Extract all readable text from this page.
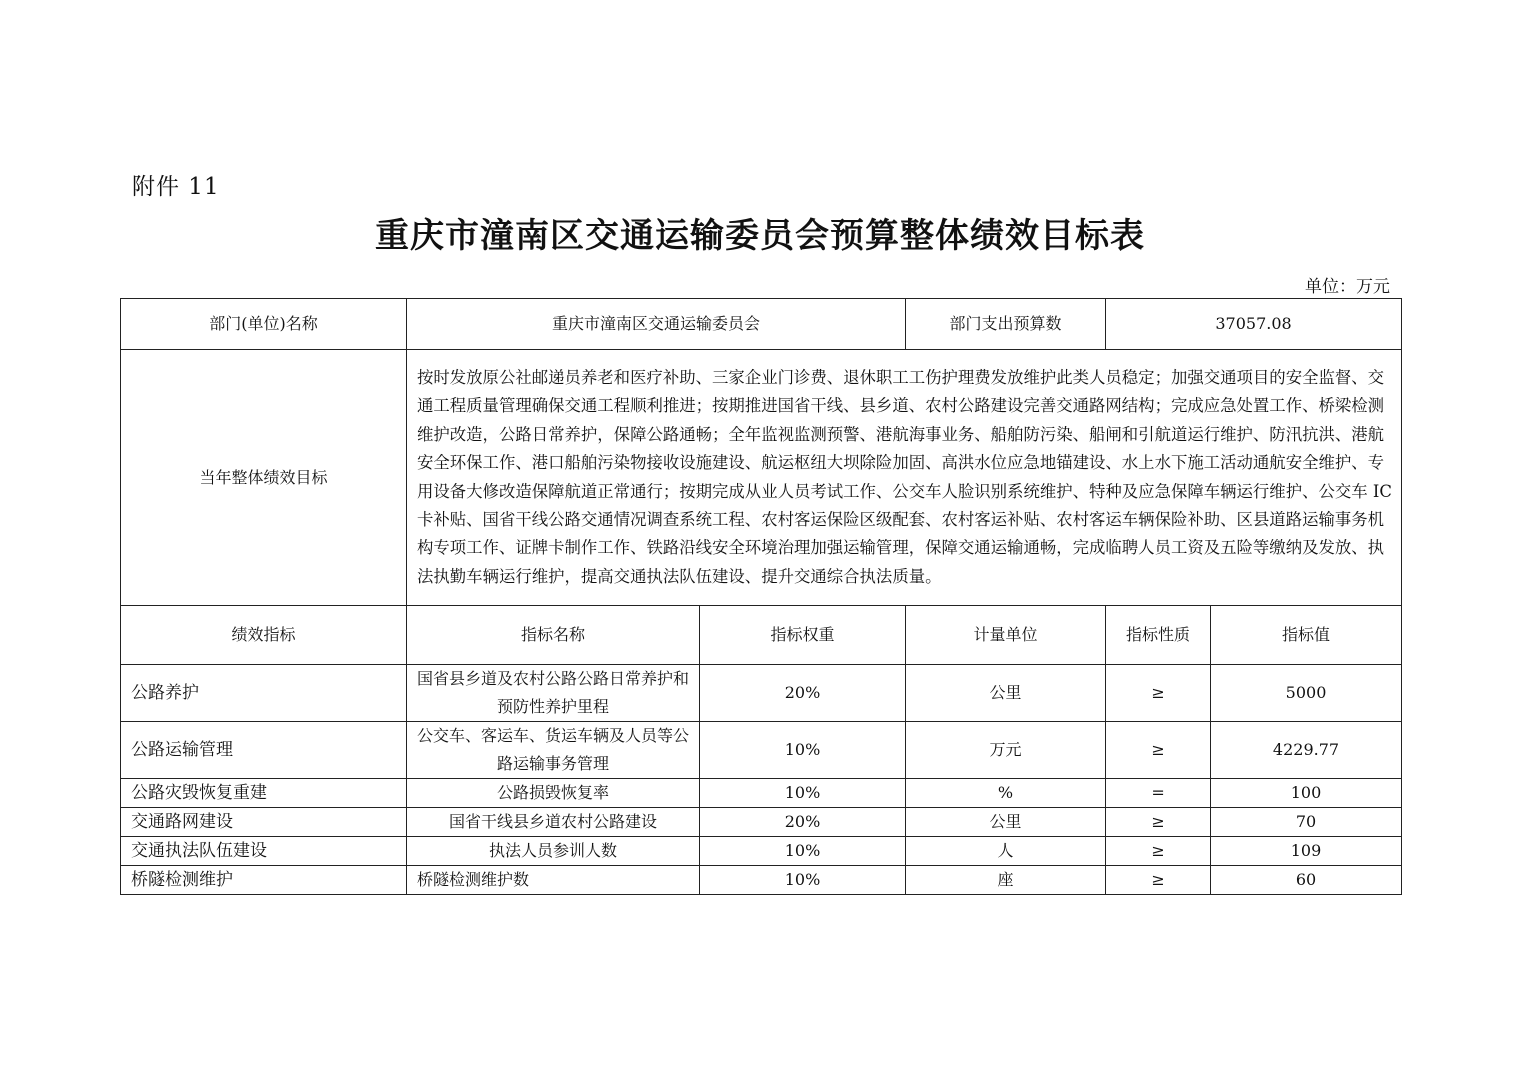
附件 11
重庆市潼南区交通运输委员会预算整体绩效目标表
单位：万元
部门(单位)名称	重庆市潼南区交通运输委员会		部门支出预算数	37057.08	
当年整体绩效目标	按时发放原公社邮递员养老和医疗补助、三家企业门诊费、退休职工工伤护理费发放维护此类人员稳定；加强交通项目的安全监督、交通工程质量管理确保交通工程顺利推进；按期推进国省干线、县乡道、农村公路建设完善交通路网结构；完成应急处置工作、桥梁检测维护改造，公路日常养护，保障公路通畅；全年监视监测预警、港航海事业务、船舶防污染、船闸和引航道运行维护、防汛抗洪、港航安全环保工作、港口船舶污染物接收设施建设、航运枢纽大坝除险加固、高洪水位应急地锚建设、水上水下施工活动通航安全维护、专用设备大修改造保障航道正常通行；按期完成从业人员考试工作、公交车人脸识别系统维护、特种及应急保障车辆运行维护、公交车 IC 卡补贴、国省干线公路交通情况调查系统工程、农村客运保险区级配套、农村客运补贴、农村客运车辆保险补助、区县道路运输事务机构专项工作、证牌卡制作工作、铁路沿线安全环境治理加强运输管理，保障交通运输通畅，完成临聘人员工资及五险等缴纳及发放、执法执勤车辆运行维护，提高交通执法队伍建设、提升交通综合执法质量。				
绩效指标	指标名称	指标权重	计量单位	指标性质	指标值
公路养护	国省县乡道及农村公路公路日常养护和预防性养护里程	20%	公里	≥	5000
公路运输管理	公交车、客运车、货运车辆及人员等公路运输事务管理	10%	万元	≥	4229.77
公路灾毁恢复重建	公路损毁恢复率	10%	%	=	100
交通路网建设	国省干线县乡道农村公路建设	20%	公里	≥	70
交通执法队伍建设	执法人员参训人数	10%	人	≥	109
桥隧检测维护	桥隧检测维护数	10%	座	≥	60
